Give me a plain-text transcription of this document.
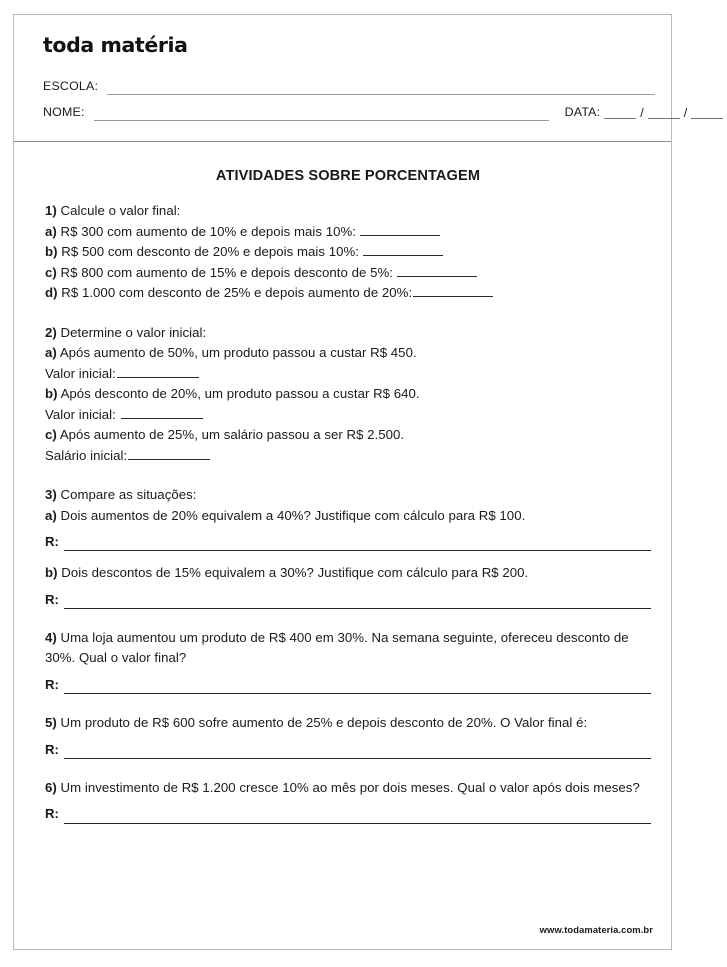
toda matéria
ESCOLA:
NOME:	DATA:	/	/
ATIVIDADES SOBRE PORCENTAGEM

1) Calcule o valor final:

a) R$ 300 com aumento de 10% e depois mais 10%:

b) R$ 500 com desconto de 20% e depois mais 10%:

c) R$ 800 com aumento de 15% e depois desconto de 5%:

d) R$ 1.000 com desconto de 25% e depois aumento de 20%:

2) Determine o valor inicial:

a) Após aumento de 50%, um produto passou a custar R$ 450.

Valor inicial:

b) Após desconto de 20%, um produto passou a custar R$ 640.

Valor inicial:

c) Após aumento de 25%, um salário passou a ser R$ 2.500.

Salário inicial:

3) Compare as situações:

a) Dois aumentos de 20% equivalem a 40%? Justifique com cálculo para R$ 100.

R:

b) Dois descontos de 15% equivalem a 30%? Justifique com cálculo para R$ 200.

R:

4) Uma loja aumentou um produto de R$ 400 em 30%. Na semana seguinte, ofereceu desconto de 30%. Qual o valor final?

R:

5) Um produto de R$ 600 sofre aumento de 25% e depois desconto de 20%. O Valor final é:

R:

6) Um investimento de R$ 1.200 cresce 10% ao mês por dois meses. Qual o valor após dois meses?

R:
www.todamateria.com.br
